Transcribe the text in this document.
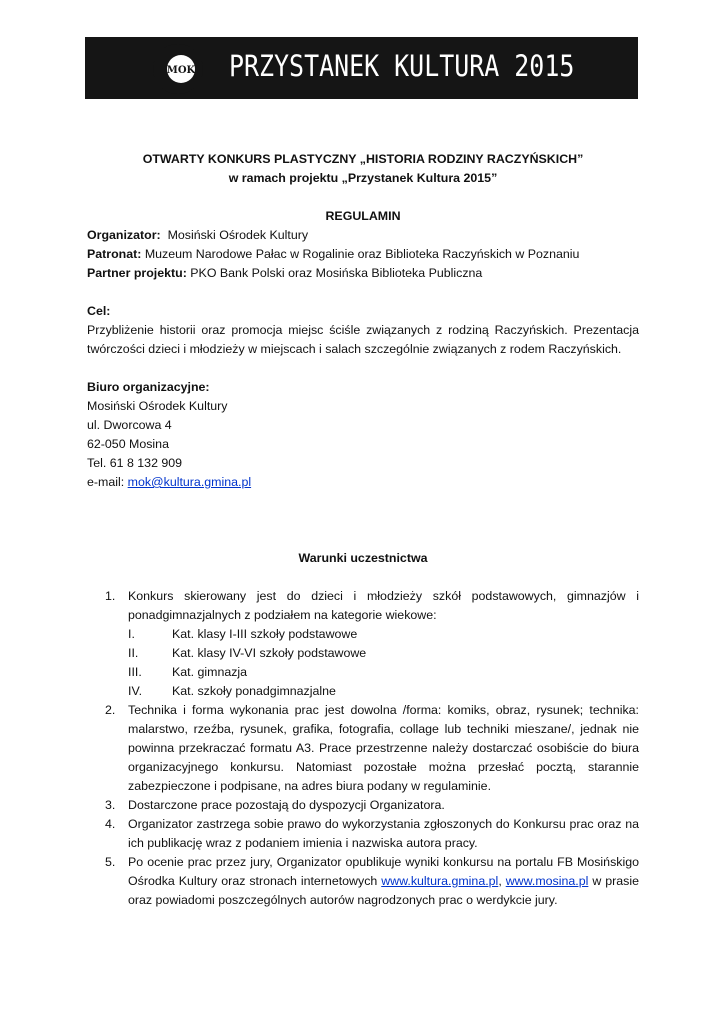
MOK PRZYSTANEK KULTURA 2015
OTWARTY KONKURS PLASTYCZNY „HISTORIA RODZINY RACZYŃSKICH”
w ramach projektu „Przystanek Kultura 2015”
REGULAMIN
Organizator: Mosiński Ośrodek Kultury
Patronat: Muzeum Narodowe Pałac w Rogalinie oraz Biblioteka Raczyńskich w Poznaniu
Partner projektu: PKO Bank Polski oraz Mosińska Biblioteka Publiczna
Cel:
Przybliżenie historii oraz promocja miejsc ściśle związanych z rodziną Raczyńskich. Prezentacja twórczości dzieci i młodzieży w miejscach i salach szczególnie związanych z rodem Raczyńskich.
Biuro organizacyjne:
Mosiński Ośrodek Kultury
ul. Dworcowa 4
62-050 Mosina
Tel. 61 8 132 909
e-mail: mok@kultura.gmina.pl
Warunki uczestnictwa
1. Konkurs skierowany jest do dzieci i młodzieży szkół podstawowych, gimnazjów i ponadgimnazjalnych z podziałem na kategorie wiekowe:
I.	Kat. klasy I-III szkoły podstawowe
II.	Kat. klasy IV-VI szkoły podstawowe
III. Kat. gimnazja
IV. Kat. szkoły ponadgimnazjalne
2. Technika i forma wykonania prac jest dowolna /forma: komiks, obraz, rysunek; technika: malarstwo, rzeźba, rysunek, grafika, fotografia, collage lub techniki mieszane/, jednak nie powinna przekraczać formatu A3. Prace przestrzenne należy dostarczać osobiście do biura organizacyjnego konkursu. Natomiast pozostałe można przesłać pocztą, starannie zabezpieczone i podpisane, na adres biura podany w regulaminie.
3. Dostarczone prace pozostają do dyspozycji Organizatora.
4. Organizator zastrzega sobie prawo do wykorzystania zgłoszonych do Konkursu prac oraz na ich publikację wraz z podaniem imienia i nazwiska autora pracy.
5. Po ocenie prac przez jury, Organizator opublikuje wyniki konkursu na portalu FB Mosińskigo Ośrodka Kultury oraz stronach internetowych www.kultura.gmina.pl, www.mosina.pl w prasie oraz powiadomi poszczególnych autorów nagrodzonych prac o werdykcie jury.
